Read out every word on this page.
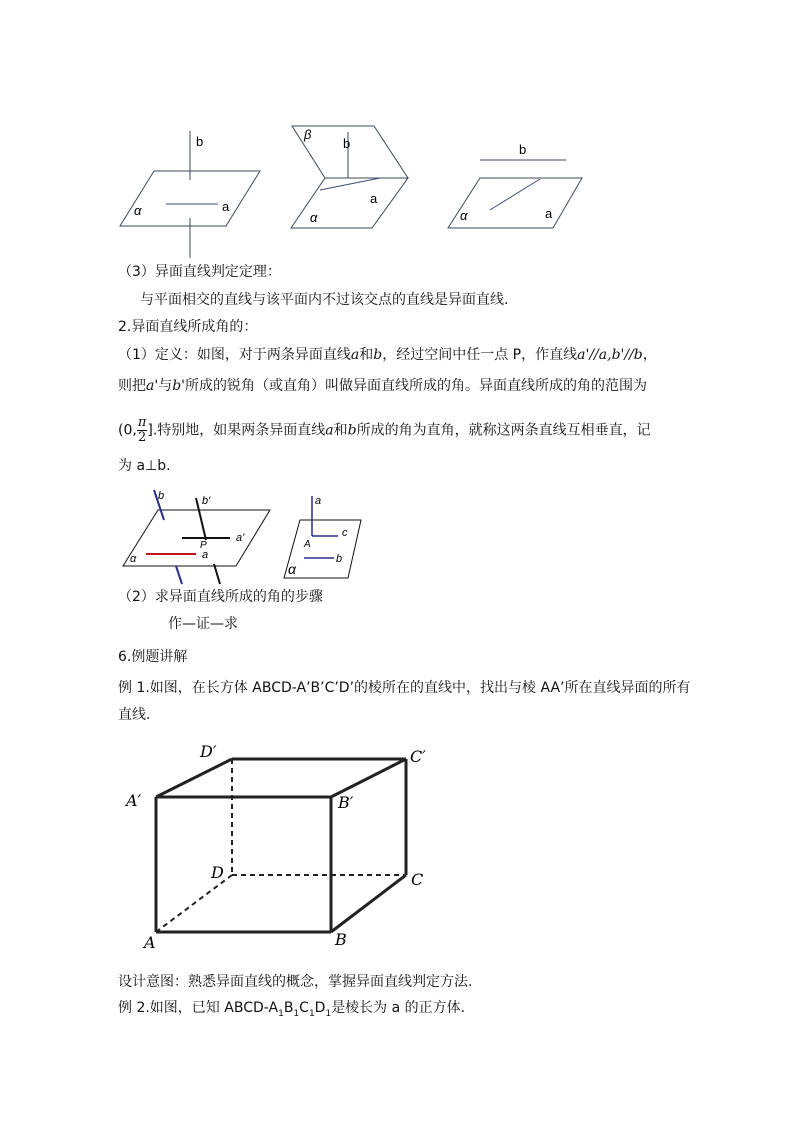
b
α	a
β
b
a
α
b
α	a
（3）异面直线判定定理：
与平面相交的直线与该平面内不过该交点的直线是异面直线.
2.异面直线所成角的：
（1）定义：如图，对于两条异面直线a和b，经过空间中任一点 P，作直线a'//a,b'//b，
则把a'与b'所成的锐角（或直角）叫做异面直线所成的角。异面直线所成的角的范围为
(0, $\frac{\pi}{2}$ ].特别地，如果两条异面直线a和b所成的角为直角，就称这两条直线互相垂直，记
为 a⊥b.
b	b'
P
a'
α	a
a
c
A
b
α
（2）求异面直线所成的角的步骤
作—证—求
6.例题讲解
例 1.如图，在长方体 ABCD-A’B’C’D’的棱所在的直线中，找出与棱 AA’所在直线异面的所有
直线.
D′	C′
A′	B′
D	C
A	B
设计意图：熟悉异面直线的概念，掌握异面直线判定方法.
例 2.如图，已知 ABCD-$A_1B_1C_1D_1$是棱长为 a 的正方体.
